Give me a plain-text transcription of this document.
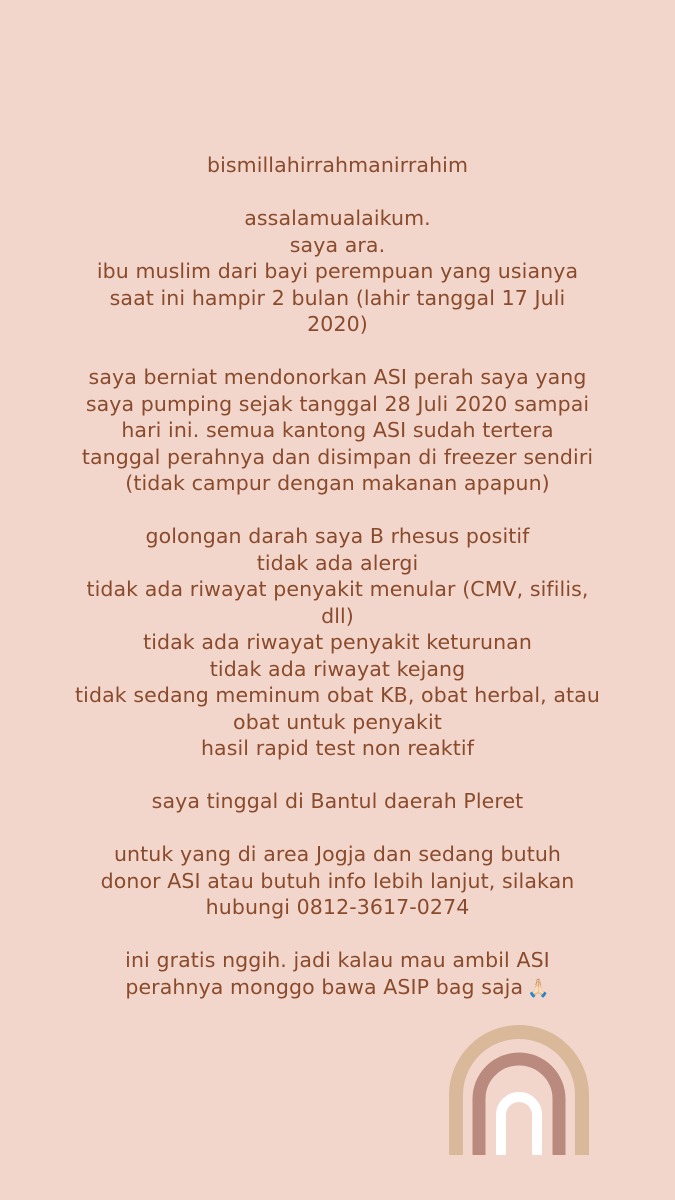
bismillahirrahmanirrahim
assalamualaikum.
saya ara.
ibu muslim dari bayi perempuan yang usianya
saat ini hampir 2 bulan (lahir tanggal 17 Juli
2020)
saya berniat mendonorkan ASI perah saya yang
saya pumping sejak tanggal 28 Juli 2020 sampai
hari ini. semua kantong ASI sudah tertera
tanggal perahnya dan disimpan di freezer sendiri
(tidak campur dengan makanan apapun)
golongan darah saya B rhesus positif
tidak ada alergi
tidak ada riwayat penyakit menular (CMV, sifilis,
dll)
tidak ada riwayat penyakit keturunan
tidak ada riwayat kejang
tidak sedang meminum obat KB, obat herbal, atau
obat untuk penyakit
hasil rapid test non reaktif
saya tinggal di Bantul daerah Pleret
untuk yang di area Jogja dan sedang butuh
donor ASI atau butuh info lebih lanjut, silakan
hubungi 0812-3617-0274
ini gratis nggih. jadi kalau mau ambil ASI
perahnya monggo bawa ASIP bag saja 🙏🏻
